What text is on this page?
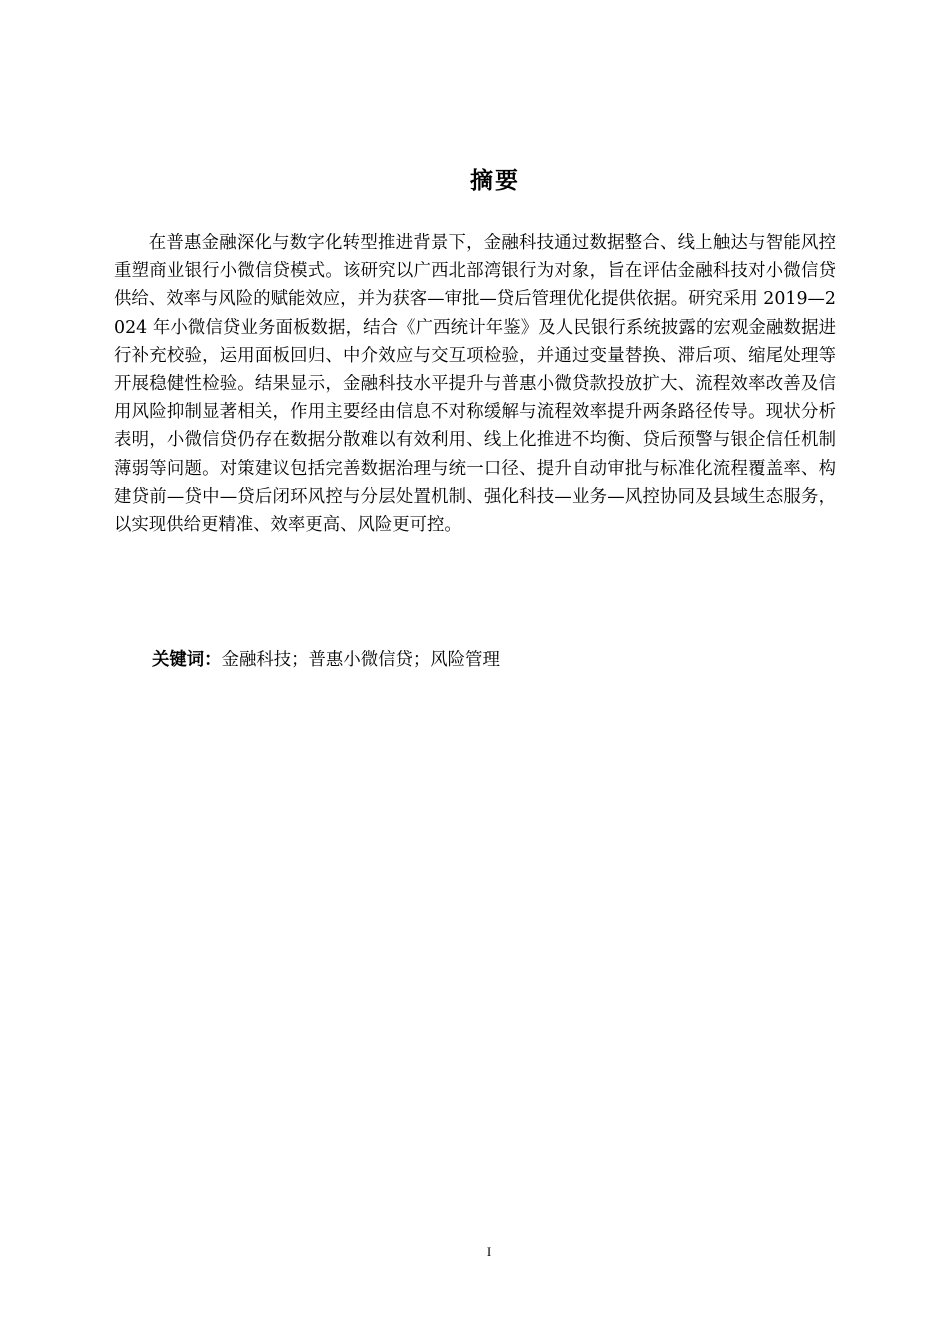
摘要

在普惠金融深化与数字化转型推进背景下，金融科技通过数据整合、线上触达与智能风控重塑商业银行小微信贷模式。该研究以广西北部湾银行为对象，旨在评估金融科技对小微信贷供给、效率与风险的赋能效应，并为获客—审批—贷后管理优化提供依据。研究采用 2019—2024 年小微信贷业务面板数据，结合《广西统计年鉴》及人民银行系统披露的宏观金融数据进行补充校验，运用面板回归、中介效应与交互项检验，并通过变量替换、滞后项、缩尾处理等开展稳健性检验。结果显示，金融科技水平提升与普惠小微贷款投放扩大、流程效率改善及信用风险抑制显著相关，作用主要经由信息不对称缓解与流程效率提升两条路径传导。现状分析表明，小微信贷仍存在数据分散难以有效利用、线上化推进不均衡、贷后预警与银企信任机制薄弱等问题。对策建议包括完善数据治理与统一口径、提升自动审批与标准化流程覆盖率、构建贷前—贷中—贷后闭环风控与分层处置机制、强化科技—业务—风控协同及县域生态服务，以实现供给更精准、效率更高、风险更可控。

关键词：金融科技；普惠小微信贷；风险管理

I
